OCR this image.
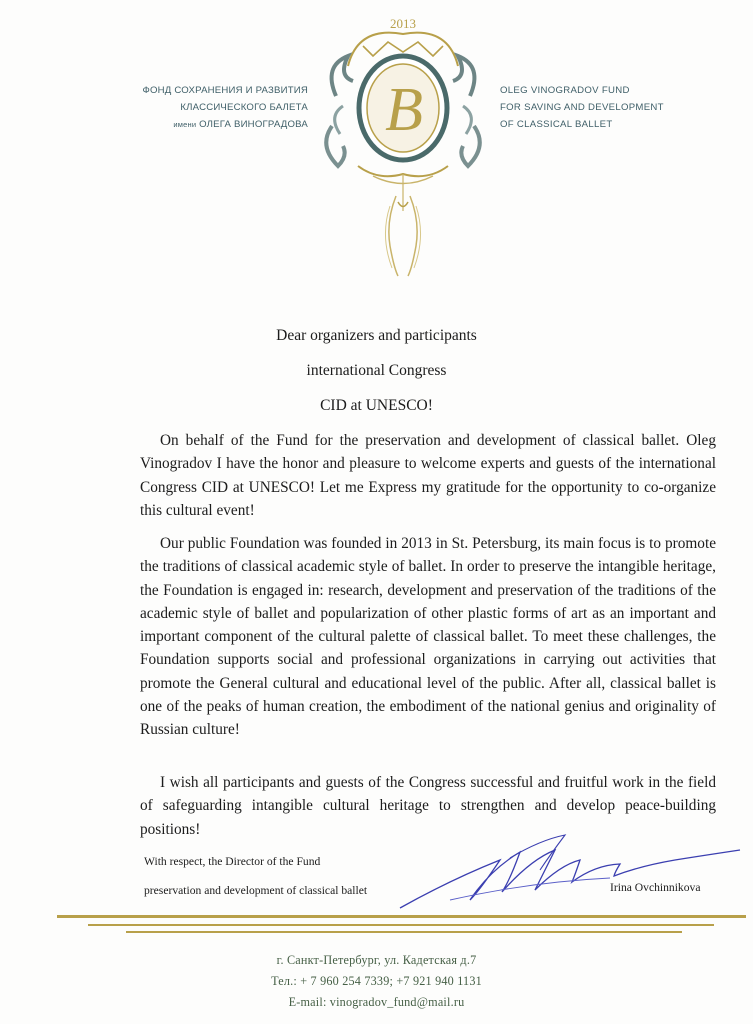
ФОНД СОХРАНЕНИЯ И РАЗВИТИЯ
КЛАССИЧЕСКОГО БАЛЕТА
имени ОЛЕГА ВИНОГРАДОВА
OLEG VINOGRADOV FUND
FOR SAVING AND DEVELOPMENT
OF CLASSICAL BALLET
2013
B
Dear organizers and participants
international Congress
CID at UNESCO!

On behalf of the Fund for the preservation and development of classical ballet. Oleg Vinogradov I have the honor and pleasure to welcome experts and guests of the international Congress CID at UNESCO! Let me Express my gratitude for the opportunity to co-organize this cultural event!

Our public Foundation was founded in 2013 in St. Petersburg, its main focus is to promote the traditions of classical academic style of ballet. In order to preserve the intangible heritage, the Foundation is engaged in: research, development and preservation of the traditions of the academic style of ballet and popularization of other plastic forms of art as an important and important component of the cultural palette of classical ballet. To meet these challenges, the Foundation supports social and professional organizations in carrying out activities that promote the General cultural and educational level of the public. After all, classical ballet is one of the peaks of human creation, the embodiment of the national genius and originality of Russian culture!

I wish all participants and guests of the Congress successful and fruitful work in the field of safeguarding intangible cultural heritage to strengthen and develop peace-building positions!

With respect, the Director of the Fund
preservation and development of classical ballet	Irina Ovchinnikova
г. Санкт-Петербург, ул. Кадетская д.7
Тел.: + 7 960 254 7339; +7 921 940 1131
E-mail: vinogradov_fund@mail.ru
